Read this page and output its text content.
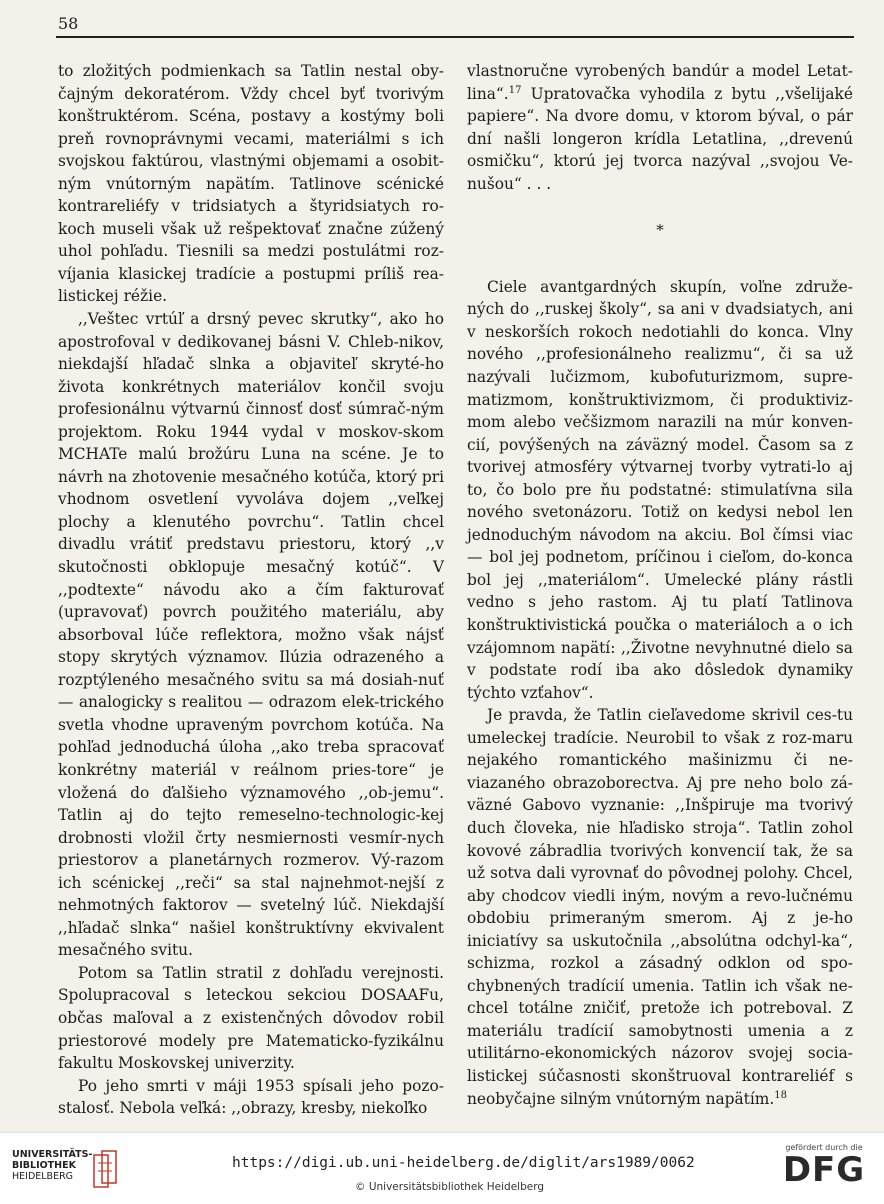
58

to zložitých podmienkach sa Tatlin nestal oby-čajným dekoratérom. Vždy chcel byť tvorivým konštruktérom. Scéna, postavy a kostýmy boli preň rovnoprávnymi vecami, materiálmi s ich svojskou faktúrou, vlastnými objemami a osobit-ným vnútorným napätím. Tatlinove scénické kontrareliéfy v tridsiatych a štyridsiatych ro-koch museli však už rešpektovať značne zúžený uhol pohľadu. Tiesnili sa medzi postulátmi roz-víjania klasickej tradície a postupmi príliš rea-listickej réžie.

,,Veštec vrtúľ a drsný pevec skrutky“, ako ho apostrofoval v dedikovanej básni V. Chleb-nikov, niekdajší hľadač slnka a objaviteľ skryté-ho života konkrétnych materiálov končil svoju profesionálnu výtvarnú činnosť dosť súmrač-ným projektom. Roku 1944 vydal v moskov-skom MCHATe malú brožúru Luna na scéne. Je to návrh na zhotovenie mesačného kotúča, ktorý pri vhodnom osvetlení vyvoláva dojem ,,veľkej plochy a klenutého povrchu“. Tatlin chcel divadlu vrátiť predstavu priestoru, ktorý ,,v skutočnosti obklopuje mesačný kotúč“. V ,,podtexte“ návodu ako a čím fakturovať (upravovať) povrch použitého materiálu, aby absorboval lúče reflektora, možno však nájsť stopy skrytých významov. Ilúzia odrazeného a rozptýleného mesačného svitu sa má dosiah-nuť — analogicky s realitou — odrazom elek-trického svetla vhodne upraveným povrchom kotúča. Na pohľad jednoduchá úloha ,,ako treba spracovať konkrétny materiál v reálnom pries-tore“ je vložená do ďalšieho významového ,,ob-jemu“. Tatlin aj do tejto remeselno-technologic-kej drobnosti vložil črty nesmiernosti vesmír-nych priestorov a planetárnych rozmerov. Vý-razom ich scénickej ,,reči“ sa stal najnehmot-nejší z nehmotných faktorov — svetelný lúč. Niekdajší ,,hľadač slnka“ našiel konštruktívny ekvivalent mesačného svitu.

Potom sa Tatlin stratil z dohľadu verejnosti. Spolupracoval s leteckou sekciou DOSAAFu, občas maľoval a z existenčných dôvodov robil priestorové modely pre Matematicko-fyzikálnu fakultu Moskovskej univerzity.

Po jeho smrti v máji 1953 spísali jeho pozo-stalosť. Nebola veľká: ,,obrazy, kresby, niekoľko

vlastnoručne vyrobených bandúr a model Letat-lina“.$^{17}$ Upratovačka vyhodila z bytu ,,všelijaké papiere“. Na dvore domu, v ktorom býval, o pár dní našli longeron krídla Letatlina, ,,drevenú osmičku“, ktorú jej tvorca nazýval ,,svojou Ve-nušou“ . . .

*

Ciele avantgardných skupín, voľne združe-ných do ,,ruskej školy“, sa ani v dvadsiatych, ani v neskorších rokoch nedotiahli do konca. Vlny nového ,,profesionálneho realizmu“, či sa už nazývali lučizmom, kubofuturizmom, supre-matizmom, konštruktivizmom, či produktiviz-mom alebo večšizmom narazili na múr konven-cií, povýšených na záväzný model. Časom sa z tvorivej atmosféry výtvarnej tvorby vytrati-lo aj to, čo bolo pre ňu podstatné: stimulatívna sila nového svetonázoru. Totiž on kedysi nebol len jednoduchým návodom na akciu. Bol čímsi viac — bol jej podnetom, príčinou i cieľom, do-konca bol jej ,,materiálom“. Umelecké plány rástli vedno s jeho rastom. Aj tu platí Tatlinova konštruktivistická poučka o materiáloch a o ich vzájomnom napätí: ,,Životne nevyhnutné dielo sa v podstate rodí iba ako dôsledok dynamiky týchto vzťahov“.

Je pravda, že Tatlin cieľavedome skrivil ces-tu umeleckej tradície. Neurobil to však z roz-maru nejakého romantického mašinizmu či ne-viazaného obrazoborectva. Aj pre neho bolo zá-väzné Gabovo vyznanie: ,,Inšpiruje ma tvorivý duch človeka, nie hľadisko stroja“. Tatlin zohol kovové zábradlia tvorivých konvencií tak, že sa už sotva dali vyrovnať do pôvodnej polohy. Chcel, aby chodcov viedli iným, novým a revo-lučnému obdobiu primeraným smerom. Aj z je-ho iniciatívy sa uskutočnila ,,absolútna odchyl-ka“, schizma, rozkol a zásadný odklon od spo-chybnených tradícií umenia. Tatlin ich však ne-chcel totálne zničiť, pretože ich potreboval. Z materiálu tradícií samobytnosti umenia a z utilitárno-ekonomických názorov svojej socia-listickej súčasnosti skonštruoval kontrareliéf s neobyčajne silným vnútorným napätím.$^{18}$

UNIVERSITÄTS-
BIBLIOTHEK
HEIDELBERG
https://digi.ub.uni-heidelberg.de/diglit/ars1989/0062
© Universitätsbibliothek Heidelberg
gefördert durch die
DFG
